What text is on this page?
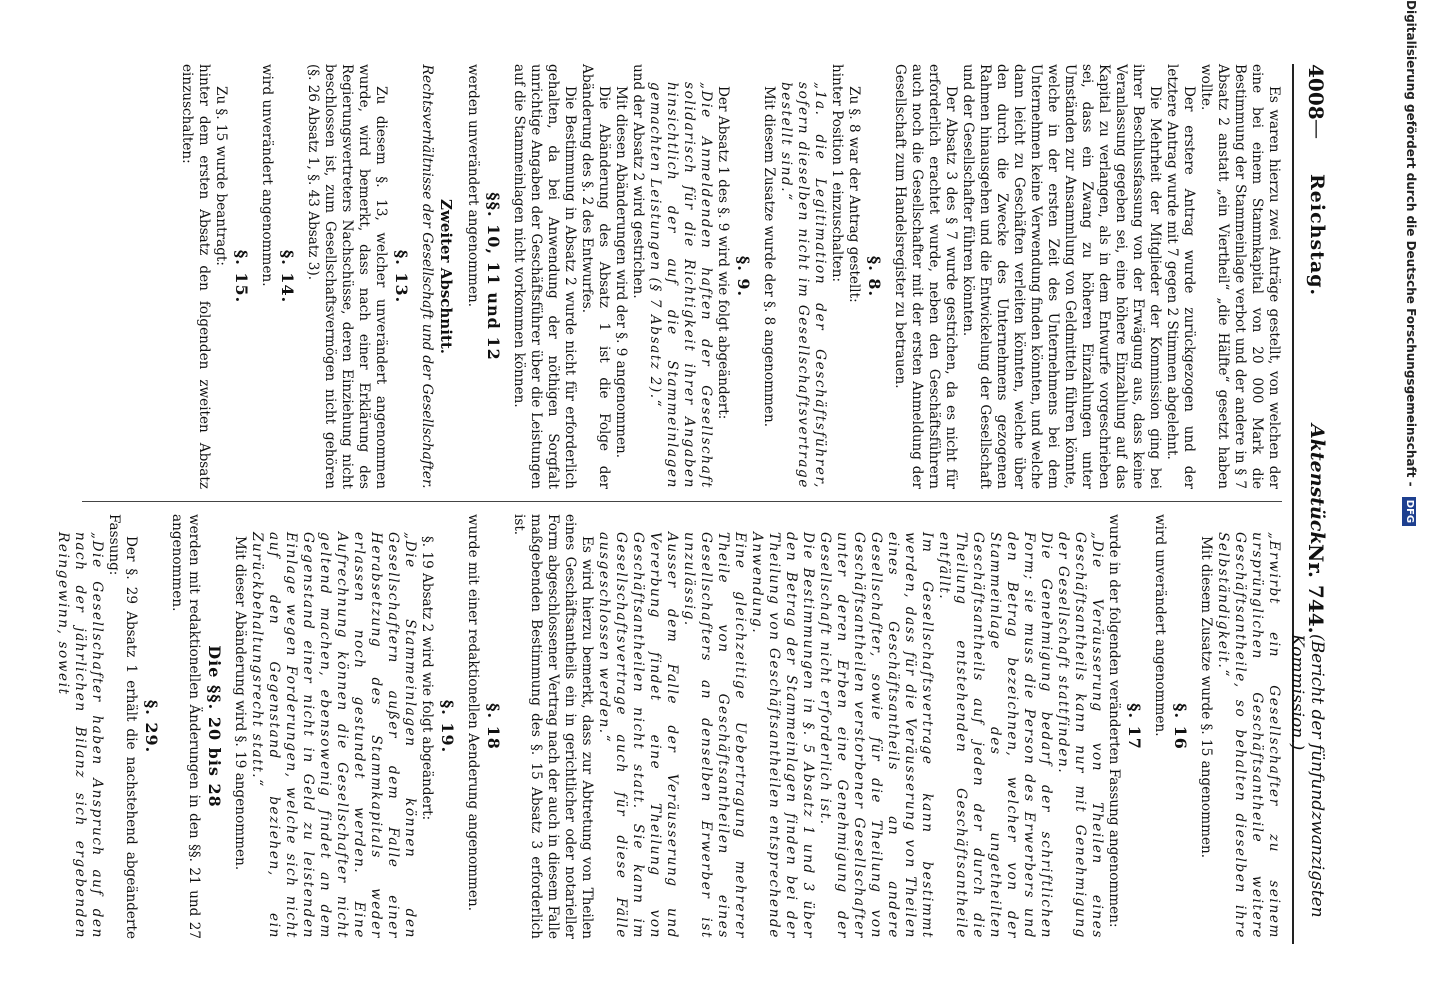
4008
—
Reichstag.
Aktenstück
Nr. 744.
(Bericht der fünfundzwanzigsten Kommission.)

Es waren hierzu zwei Anträge gestellt, von welchen der eine bei einem Stammkapital von 20 000 Mark die Bestimmung der Stammeinlage verbot und der andere in § 7 Absatz 2 anstatt „ein Viertheil“ „die Hälfte“ gesetzt haben wollte.

Der erstere Antrag wurde zurückgezogen und der letztere Antrag wurde mit 7 gegen 2 Stimmen abgelehnt.

Die Mehrheit der Mitglieder der Kommission ging bei ihrer Beschlussfassung von der Erwägung aus, dass keine Veranlassung gegeben sei, eine höhere Einzahlung auf das Kapital zu verlangen, als in dem Entwurfe vorgeschrieben sei, dass ein Zwang zu höheren Einzahlungen unter Umständen zur Ansammlung von Geldmitteln führen könnte, welche in der ersten Zeit des Unternehmens bei dem Unternehmen keine Verwendung finden könnten, und welche dann leicht zu Geschäften verleiten könnten, welche über den durch die Zwecke des Unternehmens gezogenen Rahmen hinausgehen und die Entwickelung der Gesellschaft und der Gesellschafter führen könnten.

Der Absatz 3 des § 7 wurde gestrichen, da es nicht für erforderlich erachtet wurde, neben den Geschäftsführern auch noch die Gesellschafter mit der ersten Anmeldung der Gesellschaft zum Handelsregister zu betrauen.

§. 8.

Zu §. 8 war der Antrag gestellt:

hinter Position 1 einzuschalten:

„1a. die Legitimation der Geschäftsführer, sofern dieselben nicht im Gesellschaftsvertrage bestellt sind.“

Mit diesem Zusatze wurde der §. 8 angenommen.

§. 9.

Der Absatz 1 des §. 9 wird wie folgt abgeändert:

„Die Anmeldenden haften der Gesellschaft solidarisch für die Richtigkeit ihrer Angaben hinsichtlich der auf die Stammeinlagen gemachten Leistungen (§ 7 Absatz 2).“

und der Absatz 2 wird gestrichen.

Mit diesen Abänderungen wird der §. 9 angenommen.

Die Abänderung des Absatz 1 ist die Folge der Abänderung des §. 2 des Entwurfes.

Die Bestimmung in Absatz 2 wurde nicht für erforderlich gehalten, da bei Anwendung der nöthigen Sorgfalt unrichtige Angaben der Geschäftsführer über die Leistungen auf die Stammeinlagen nicht vorkommen können.

§§. 10, 11 und 12

werden unverändert angenommen.

Zweiter Abschnitt.
Rechtsverhältnisse der Gesellschaft und der Gesellschafter.
§. 13.

Zu diesem §. 13, welcher unverändert angenommen wurde, wird bemerkt, dass nach einer Erklärung des Regierungsvertreters Nachschüsse, deren Einziehung nicht beschlossen ist, zum Gesellschaftsvermögen nicht gehören (§. 26 Absatz 1, §. 43 Absatz 3).

§. 14.

wird unverändert angenommen.

§. 15.

Zu §. 15 wurde beantragt:

hinter dem ersten Absatz den folgenden zweiten Absatz einzuschalten:

„Erwirbt ein Gesellschafter zu seinem ursprünglichen Geschäftsantheile weitere Geschäftsantheile, so behalten dieselben ihre Selbständigkeit.“

Mit diesem Zusatze wurde §. 15 angenommen.

§. 16

wird unverändert angenommen.

§. 17

wurde in der folgenden veränderten Fassung angenommen:

„Die Veräusserung von Theilen eines Geschäftsantheils kann nur mit Genehmigung der Gesellschaft stattfinden.

Die Genehmigung bedarf der schriftlichen Form; sie muss die Person des Erwerbers und den Betrag bezeichnen, welcher von der Stammeinlage des ungetheilten Geschäftsantheils auf jeden der durch die Theilung entstehenden Geschäftsantheile entfällt.

Im Gesellschaftsvertrage kann bestimmt werden, dass für die Veräusserung von Theilen eines Geschäftsantheils an andere Gesellschafter, sowie für die Theilung von Geschäftsantheilen verstorbener Gesellschafter unter deren Erben eine Genehmigung der Gesellschaft nicht erforderlich ist.

Die Bestimmungen in §. 5 Absatz 1 und 3 über den Betrag der Stammeinlagen finden bei der Theilung von Geschäftsantheilen entsprechende Anwendung.

Eine gleichzeitige Uebertragung mehrerer Theile von Geschäftsantheilen eines Gesellschafters an denselben Erwerber ist unzulässig.

Ausser dem Falle der Veräusserung und Vererbung findet eine Theilung von Geschäftsantheilen nicht statt. Sie kann im Gesellschaftsvertrage auch für diese Fälle ausgeschlossen werden.“

Es wird hierzu bemerkt, dass zur Abtretung von Theilen eines Geschäftsantheils ein in gerichtlicher oder notarieller Form abgeschlossener Vertrag nach der auch in diesem Falle maßgebenden Bestimmung des §. 15 Absatz 3 erforderlich ist.

§. 18

wurde mit einer redaktionellen Aenderung angenommen.

§. 19.

§. 19 Absatz 2 wird wie folgt abgeändert:

„Die Stammeinlagen können den Gesellschaftern außer dem Falle einer Herabsetzung des Stammkapitals weder erlassen noch gestundet werden. Eine Aufrechnung können die Gesellschafter nicht geltend machen, ebensowenig findet an dem Gegenstand einer nicht in Geld zu leistenden Einlage wegen Forderungen, welche sich nicht auf den Gegenstand beziehen, ein Zurückbehaltungsrecht statt.“

Mit dieser Abänderung wird §. 19 angenommen.

Die §§. 20 bis 28

werden mit redaktionellen Änderungen in den §§. 21 und 27 angenommen.

§. 29.

Der §. 29 Absatz 1 erhält die nachstehend abgeänderte Fassung:

„Die Gesellschafter haben Anspruch auf den nach der jährlichen Bilanz sich ergebenden Reingewinn, soweit

Digitalisierung gefördert durch die Deutsche Forschungsgemeinschaft - DFG
